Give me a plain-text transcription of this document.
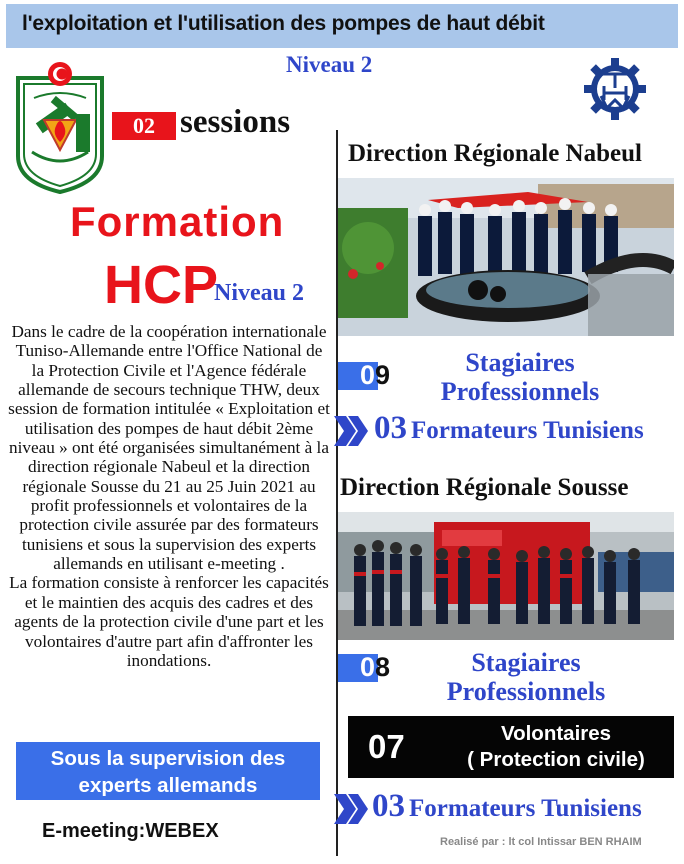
l'exploitation et l'utilisation des pompes de haut débit
Niveau 2
02 sessions
Formation
HCP
Niveau 2

Dans le cadre de la coopération internationale Tuniso-Allemande entre l'Office National de la Protection Civile et l'Agence fédérale allemande de secours technique THW, deux session de formation intitulée « Exploitation et utilisation des pompes de haut débit 2ème niveau » ont été organisées simultanément à la direction régionale Nabeul et la direction régionale Sousse du 21 au 25 Juin 2021 au profit professionnels et volontaires de la protection civile assurée par des formateurs tunisiens et sous la supervision des experts allemands en utilisant e-meeting .

La formation consiste à renforcer les capacités et le maintien des acquis des cadres et des agents de la protection civile d'une part et les volontaires d'autre part afin d'affronter les inondations.

Sous la supervision des
experts allemands
E-meeting:WEBEX
Direction Régionale Nabeul
09	Stagiaires
Professionnels
03 Formateurs Tunisiens
Direction Régionale Sousse
08	Stagiaires
Professionnels
07	Volontaires
( Protection civile)
03 Formateurs Tunisiens
Realisé par : lt col Intissar BEN RHAIM
